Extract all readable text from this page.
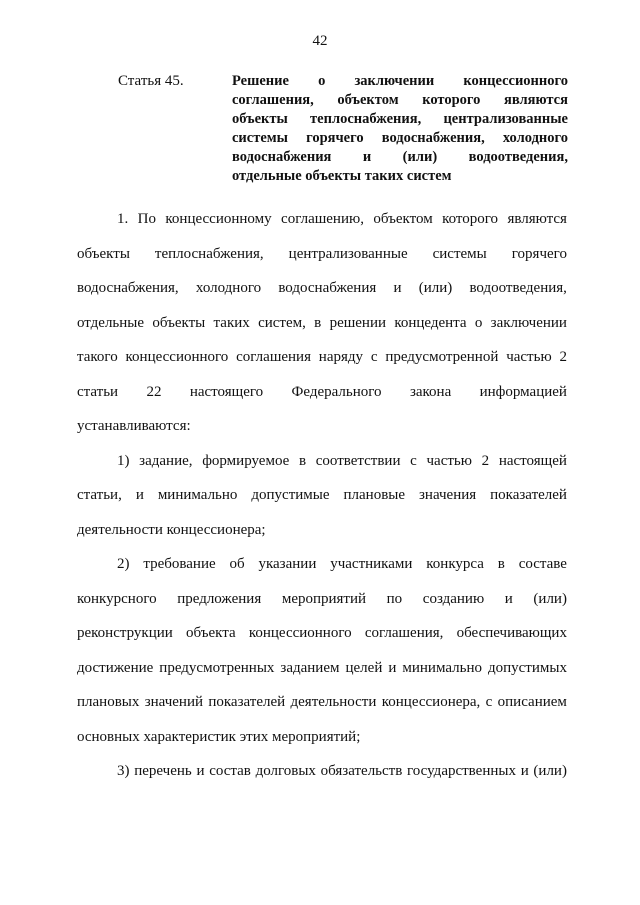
42
Статья 45.	Решение о заключении концессионного
соглашения, объектом которого являются
объекты теплоснабжения, централизованные
системы горячего водоснабжения, холодного
водоснабжения и (или) водоотведения,
отдельные объекты таких систем
1. По концессионному соглашению, объектом которого являются
объекты теплоснабжения, централизованные системы горячего
водоснабжения, холодного водоснабжения и (или) водоотведения,
отдельные объекты таких систем, в решении концедента о заключении
такого концессионного соглашения наряду с предусмотренной частью 2
статьи 22 настоящего Федерального закона информацией
устанавливаются:
1) задание, формируемое в соответствии с частью 2 настоящей
статьи, и минимально допустимые плановые значения показателей
деятельности концессионера;
2) требование об указании участниками конкурса в составе
конкурсного предложения мероприятий по созданию и (или)
реконструкции объекта концессионного соглашения, обеспечивающих
достижение предусмотренных заданием целей и минимально допустимых
плановых значений показателей деятельности концессионера, с описанием
основных характеристик этих мероприятий;
3) перечень и состав долговых обязательств государственных и (или)
